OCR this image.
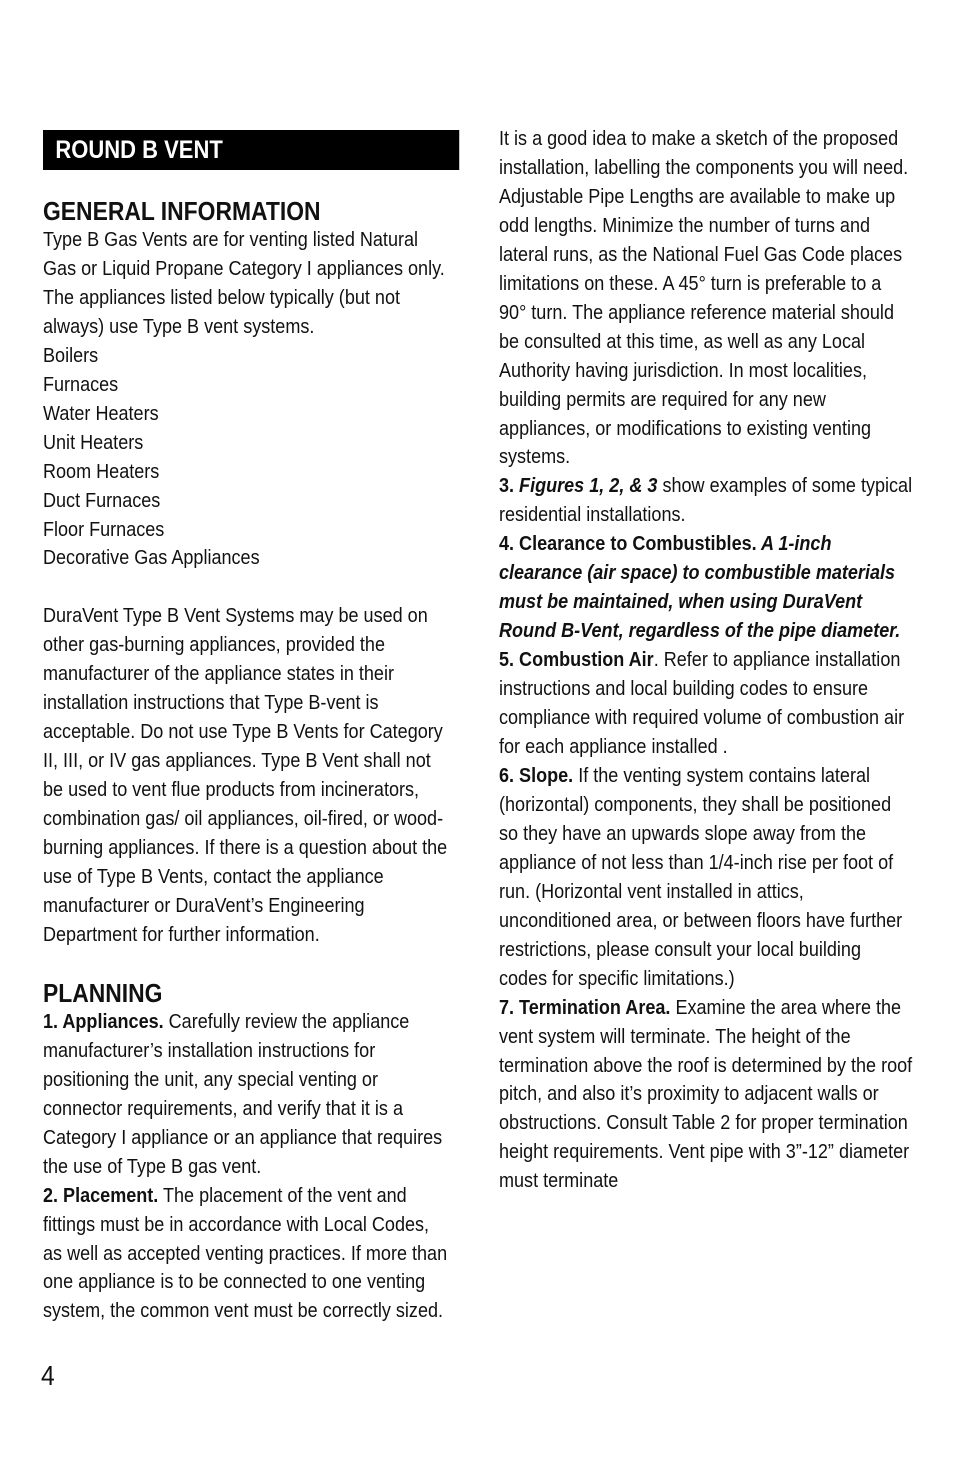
ROUND B VENT
GENERAL INFORMATION

Type B Gas Vents are for venting listed Natural Gas or Liquid Propane Category I appliances only. The appliances listed below typically (but not always) use Type B vent systems.

Boilers
Furnaces
Water Heaters
Unit Heaters
Room Heaters
Duct Furnaces
Floor Furnaces
Decorative Gas Appliances

DuraVent Type B Vent Systems may be used on other gas-burning appliances, provided the manufacturer of the appliance states in their installation instructions that Type B-vent is acceptable. Do not use Type B Vents for Category II, III, or IV gas appliances. Type B Vent shall not be used to vent flue products from incinerators, combination gas/ oil appliances, oil-fired, or wood-burning appliances. If there is a question about the use of Type B Vents, contact the appliance manufacturer or DuraVent’s Engineering Department for further information.

PLANNING

1. Appliances. Carefully review the appliance manufacturer’s installation instructions for positioning the unit, any special venting or connector requirements, and verify that it is a Category I appliance or an appliance that requires the use of Type B gas vent.

2. Placement. The placement of the vent and fittings must be in accordance with Local Codes, as well as accepted venting practices. If more than one appliance is to be connected to one venting system, the common vent must be correctly sized.

It is a good idea to make a sketch of the proposed installation, labelling the components you will need. Adjustable Pipe Lengths are available to make up odd lengths. Minimize the number of turns and lateral runs, as the National Fuel Gas Code places limitations on these. A 45° turn is preferable to a 90° turn. The appliance reference material should be consulted at this time, as well as any Local Authority having jurisdiction. In most localities, building permits are required for any new appliances, or modifications to existing venting systems.

3. Figures 1, 2, & 3 show examples of some typical residential installations.

4. Clearance to Combustibles. A 1-inch clearance (air space) to combustible materials must be maintained, when using DuraVent Round B-Vent, regardless of the pipe diameter.

5. Combustion Air. Refer to appliance installation instructions and local building codes to ensure compliance with required volume of combustion air for each appliance installed .

6. Slope. If the venting system contains lateral (horizontal) components, they shall be positioned so they have an upwards slope away from the appliance of not less than 1/4-inch rise per foot of run. (Horizontal vent installed in attics, unconditioned area, or between floors have further restrictions, please consult your local building codes for specific limitations.)

7. Termination Area. Examine the area where the vent system will terminate. The height of the termination above the roof is determined by the roof pitch, and also it’s proximity to adjacent walls or obstructions. Consult Table 2 for proper termination height requirements. Vent pipe with 3”-12” diameter must terminate

4
